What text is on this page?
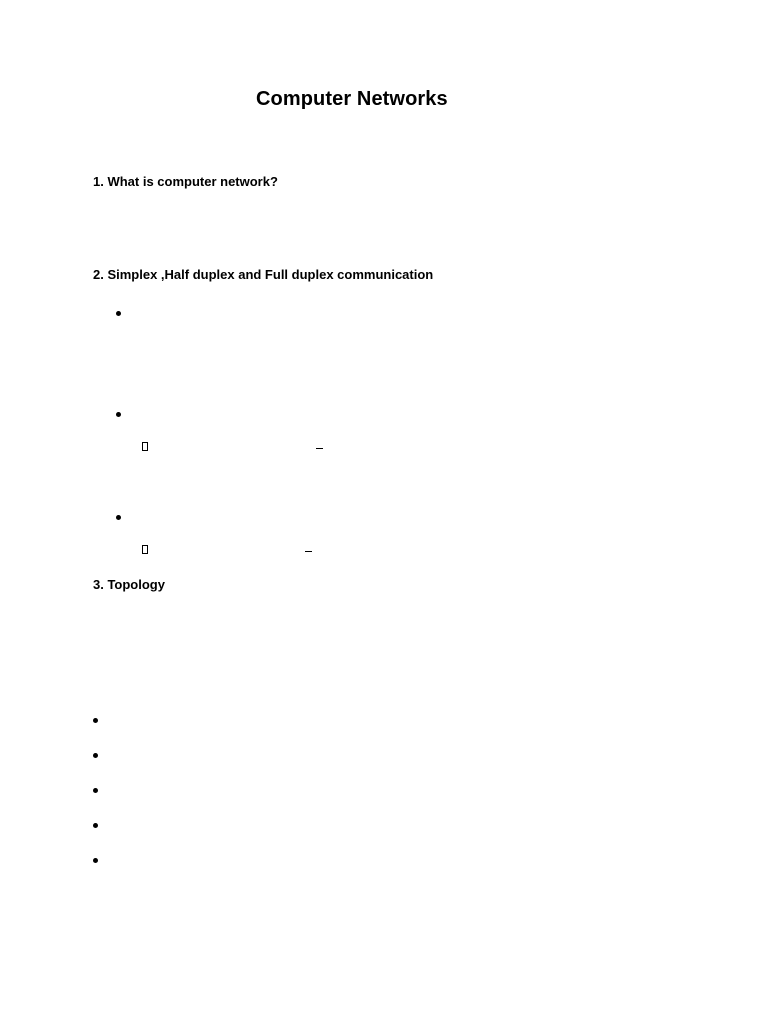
Computer Networks
1. What is computer network?
2. Simplex ,Half duplex and Full duplex communication
3. Topology
